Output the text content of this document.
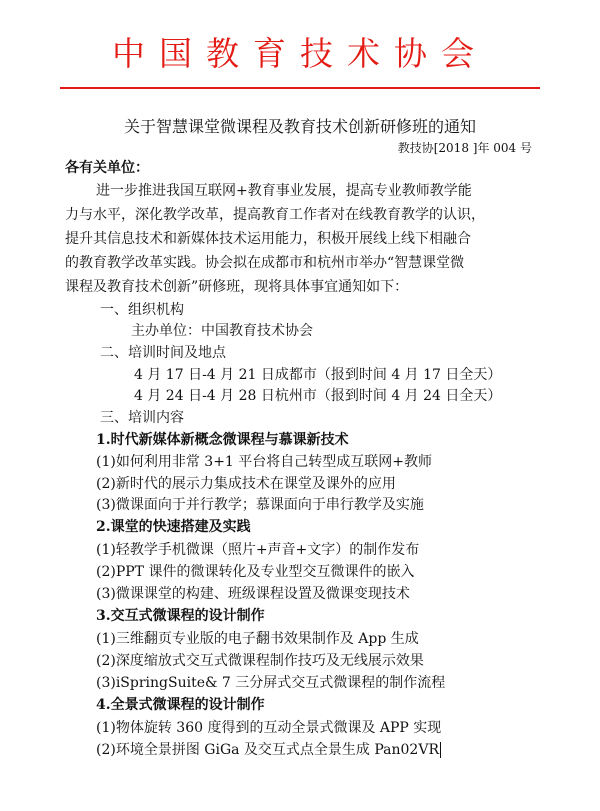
中国教育技术协会
关于智慧课堂微课程及教育技术创新研修班的通知
教技协[2018 ]年 004 号
各有关单位：
进一步推进我国互联网+教育事业发展，提高专业教师教学能
力与水平，深化教学改革，提高教育工作者对在线教育教学的认识，
提升其信息技术和新媒体技术运用能力，积极开展线上线下相融合
的教育教学改革实践。协会拟在成都市和杭州市举办“智慧课堂微
课程及教育技术创新”研修班，现将具体事宜通知如下：
一、组织机构
主办单位：中国教育技术协会
二、培训时间及地点
4 月 17 日-4 月 21 日成都市（报到时间 4 月 17 日全天）
4 月 24 日-4 月 28 日杭州市（报到时间 4 月 24 日全天）
三、培训内容
1.时代新媒体新概念微课程与慕课新技术
(1)如何利用非常 3+1 平台将自己转型成互联网+教师
(2)新时代的展示力集成技术在课堂及课外的应用
(3)微课面向于并行教学；慕课面向于串行教学及实施
2.课堂的快速搭建及实践
(1)轻教学手机微课（照片+声音+文字）的制作发布
(2)PPT 课件的微课转化及专业型交互微课件的嵌入
(3)微课课堂的构建、班级课程设置及微课变现技术
3.交互式微课程的设计制作
(1)三维翻页专业版的电子翻书效果制作及 App 生成
(2)深度缩放式交互式微课程制作技巧及无线展示效果
(3)iSpringSuite& 7 三分屏式交互式微课程的制作流程
4.全景式微课程的设计制作
(1)物体旋转 360 度得到的互动全景式微课及 APP 实现
(2)环境全景拼图 GiGa 及交互式点全景生成 Pan02VR
